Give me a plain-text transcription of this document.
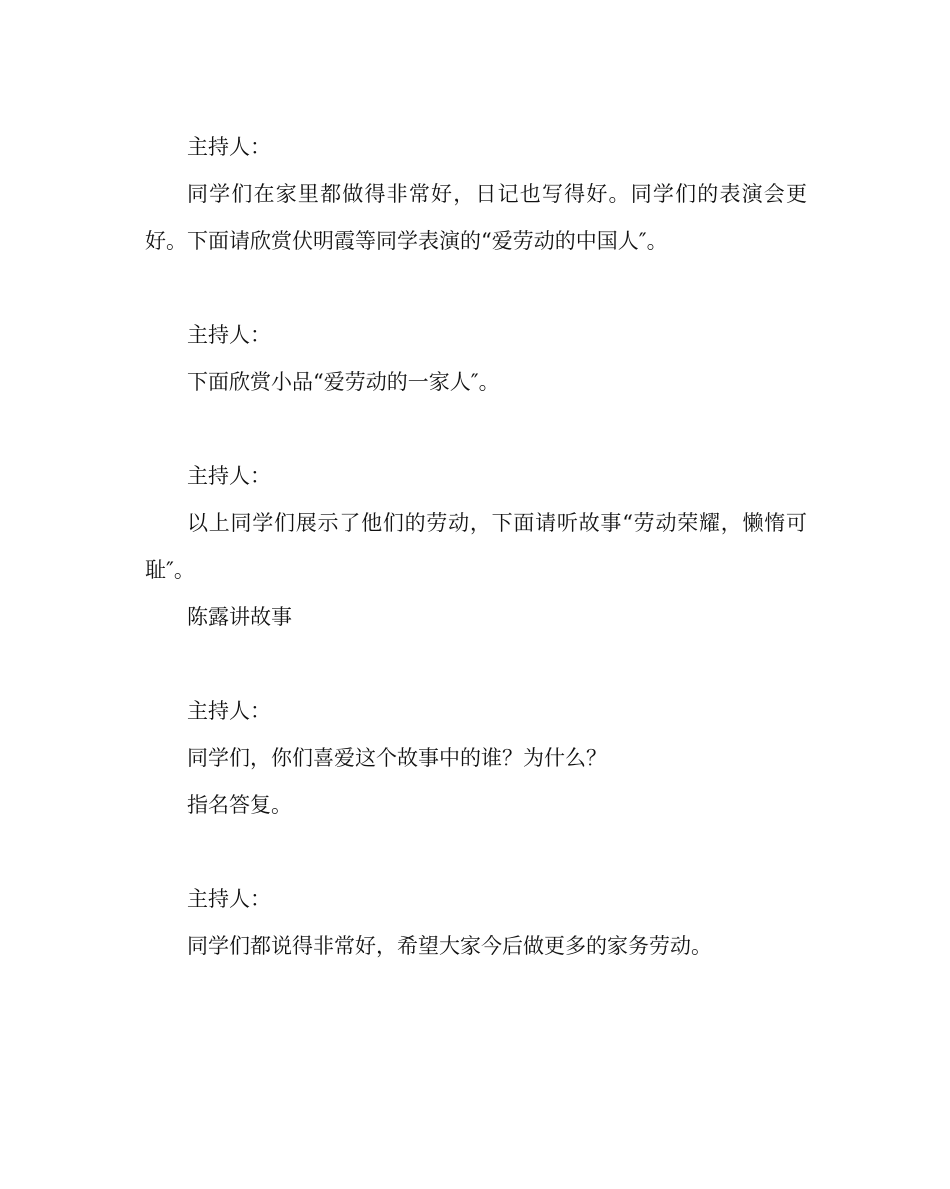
主持人：

同学们在家里都做得非常好，日记也写得好。同学们的表演会更好。下面请欣赏伏明霞等同学表演的“爱劳动的中国人″。

主持人：

下面欣赏小品“爱劳动的一家人″。

主持人：

以上同学们展示了他们的劳动，下面请听故事“劳动荣耀，懒惰可耻″。

陈露讲故事

主持人：

同学们，你们喜爱这个故事中的谁？为什么？

指名答复。

主持人：

同学们都说得非常好，希望大家今后做更多的家务劳动。
